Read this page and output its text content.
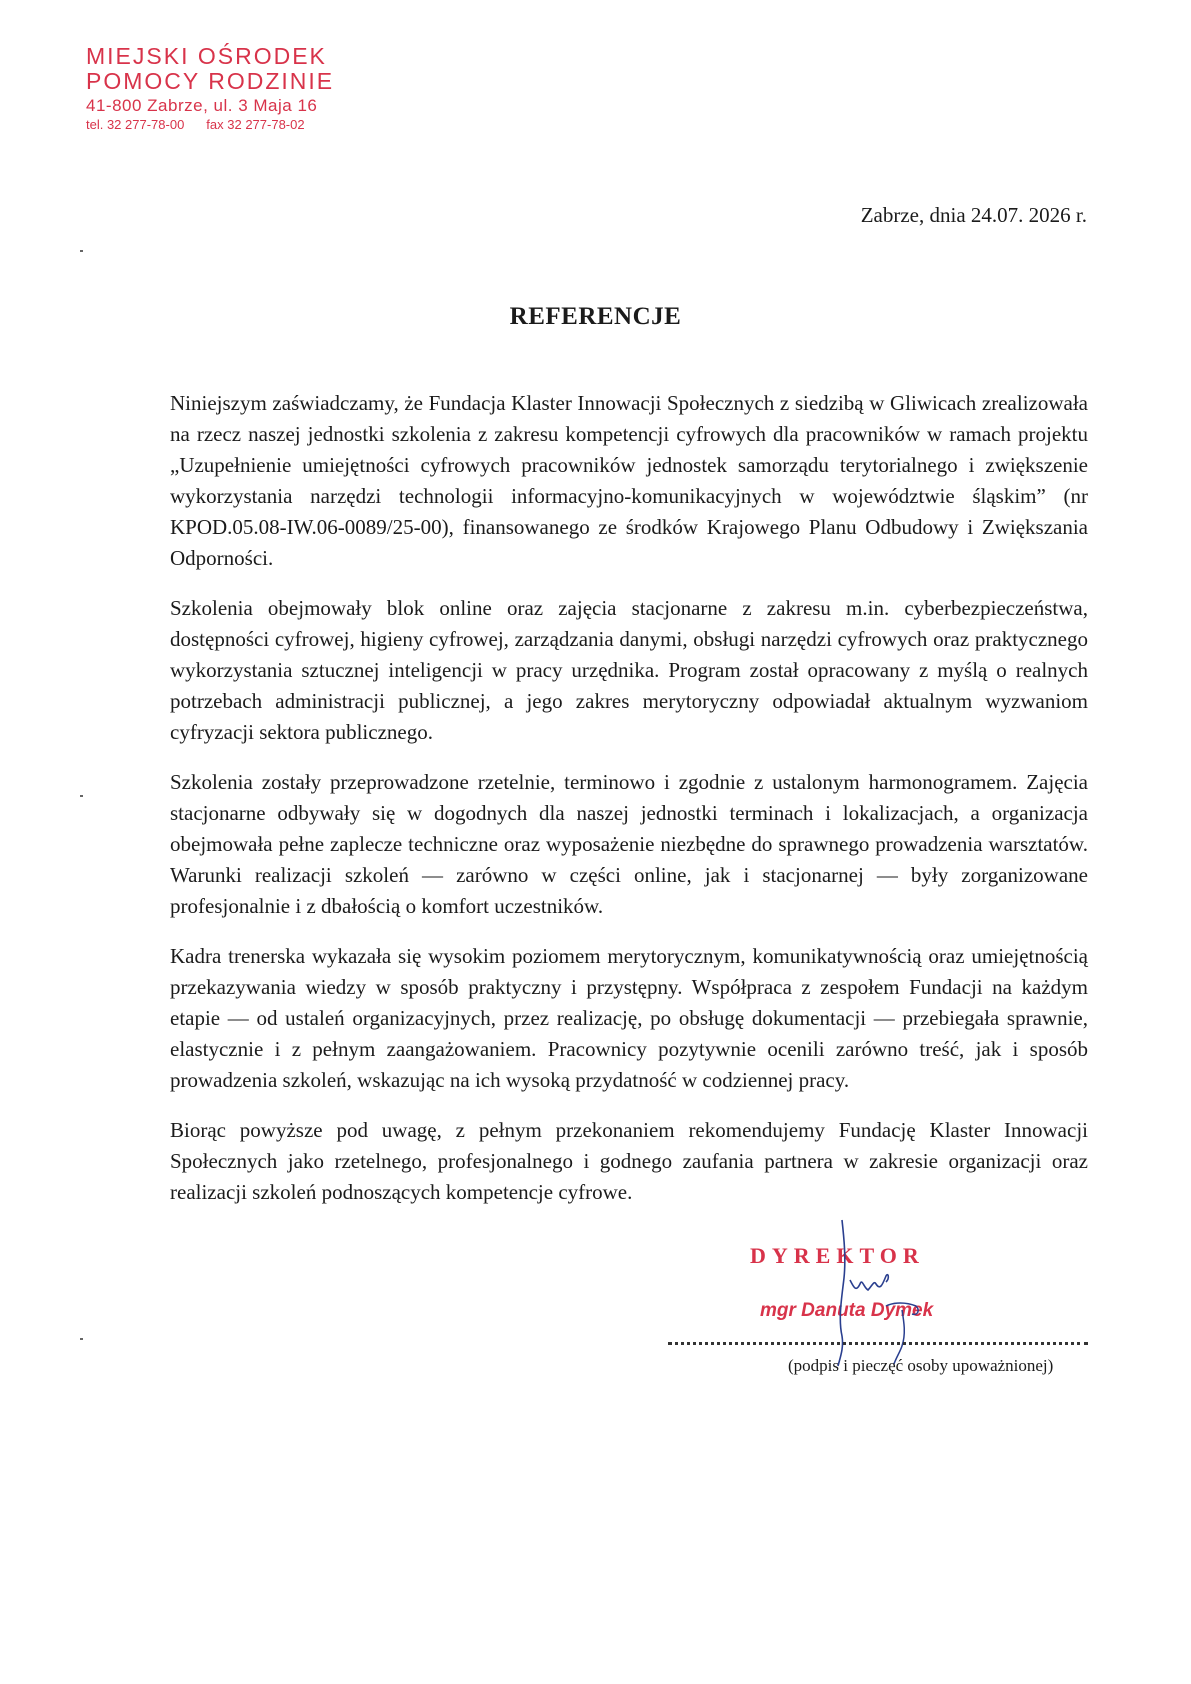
MIEJSKI OŚRODEK
POMOCY RODZINIE
41-800 Zabrze, ul. 3 Maja 16
tel. 32 277-78-00 fax 32 277-78-02
Zabrze, dnia 24.07. 2026 r.
REFERENCJE

Niniejszym zaświadczamy, że Fundacja Klaster Innowacji Społecznych z siedzibą w Gliwicach zrealizowała na rzecz naszej jednostki szkolenia z zakresu kompetencji cyfrowych dla pracowników w ramach projektu „Uzupełnienie umiejętności cyfrowych pracowników jednostek samorządu terytorialnego i zwiększenie wykorzystania narzędzi technologii informacyjno-komunikacyjnych w województwie śląskim” (nr KPOD.05.08-IW.06-0089/25-00), finansowanego ze środków Krajowego Planu Odbudowy i Zwiększania Odporności.

Szkolenia obejmowały blok online oraz zajęcia stacjonarne z zakresu m.in. cyberbezpieczeństwa, dostępności cyfrowej, higieny cyfrowej, zarządzania danymi, obsługi narzędzi cyfrowych oraz praktycznego wykorzystania sztucznej inteligencji w pracy urzędnika. Program został opracowany z myślą o realnych potrzebach administracji publicznej, a jego zakres merytoryczny odpowiadał aktualnym wyzwaniom cyfryzacji sektora publicznego.

Szkolenia zostały przeprowadzone rzetelnie, terminowo i zgodnie z ustalonym harmonogramem. Zajęcia stacjonarne odbywały się w dogodnych dla naszej jednostki terminach i lokalizacjach, a organizacja obejmowała pełne zaplecze techniczne oraz wyposażenie niezbędne do sprawnego prowadzenia warsztatów. Warunki realizacji szkoleń — zarówno w części online, jak i stacjonarnej — były zorganizowane profesjonalnie i z dbałością o komfort uczestników.

Kadra trenerska wykazała się wysokim poziomem merytorycznym, komunikatywnością oraz umiejętnością przekazywania wiedzy w sposób praktyczny i przystępny. Współpraca z zespołem Fundacji na każdym etapie — od ustaleń organizacyjnych, przez realizację, po obsługę dokumentacji — przebiegała sprawnie, elastycznie i z pełnym zaangażowaniem. Pracownicy pozytywnie ocenili zarówno treść, jak i sposób prowadzenia szkoleń, wskazując na ich wysoką przydatność w codziennej pracy.

Biorąc powyższe pod uwagę, z pełnym przekonaniem rekomendujemy Fundację Klaster Innowacji Społecznych jako rzetelnego, profesjonalnego i godnego zaufania partnera w zakresie organizacji oraz realizacji szkoleń podnoszących kompetencje cyfrowe.

DYREKTOR
mgr Danuta Dymek
(podpis i pieczęć osoby upoważnionej)
